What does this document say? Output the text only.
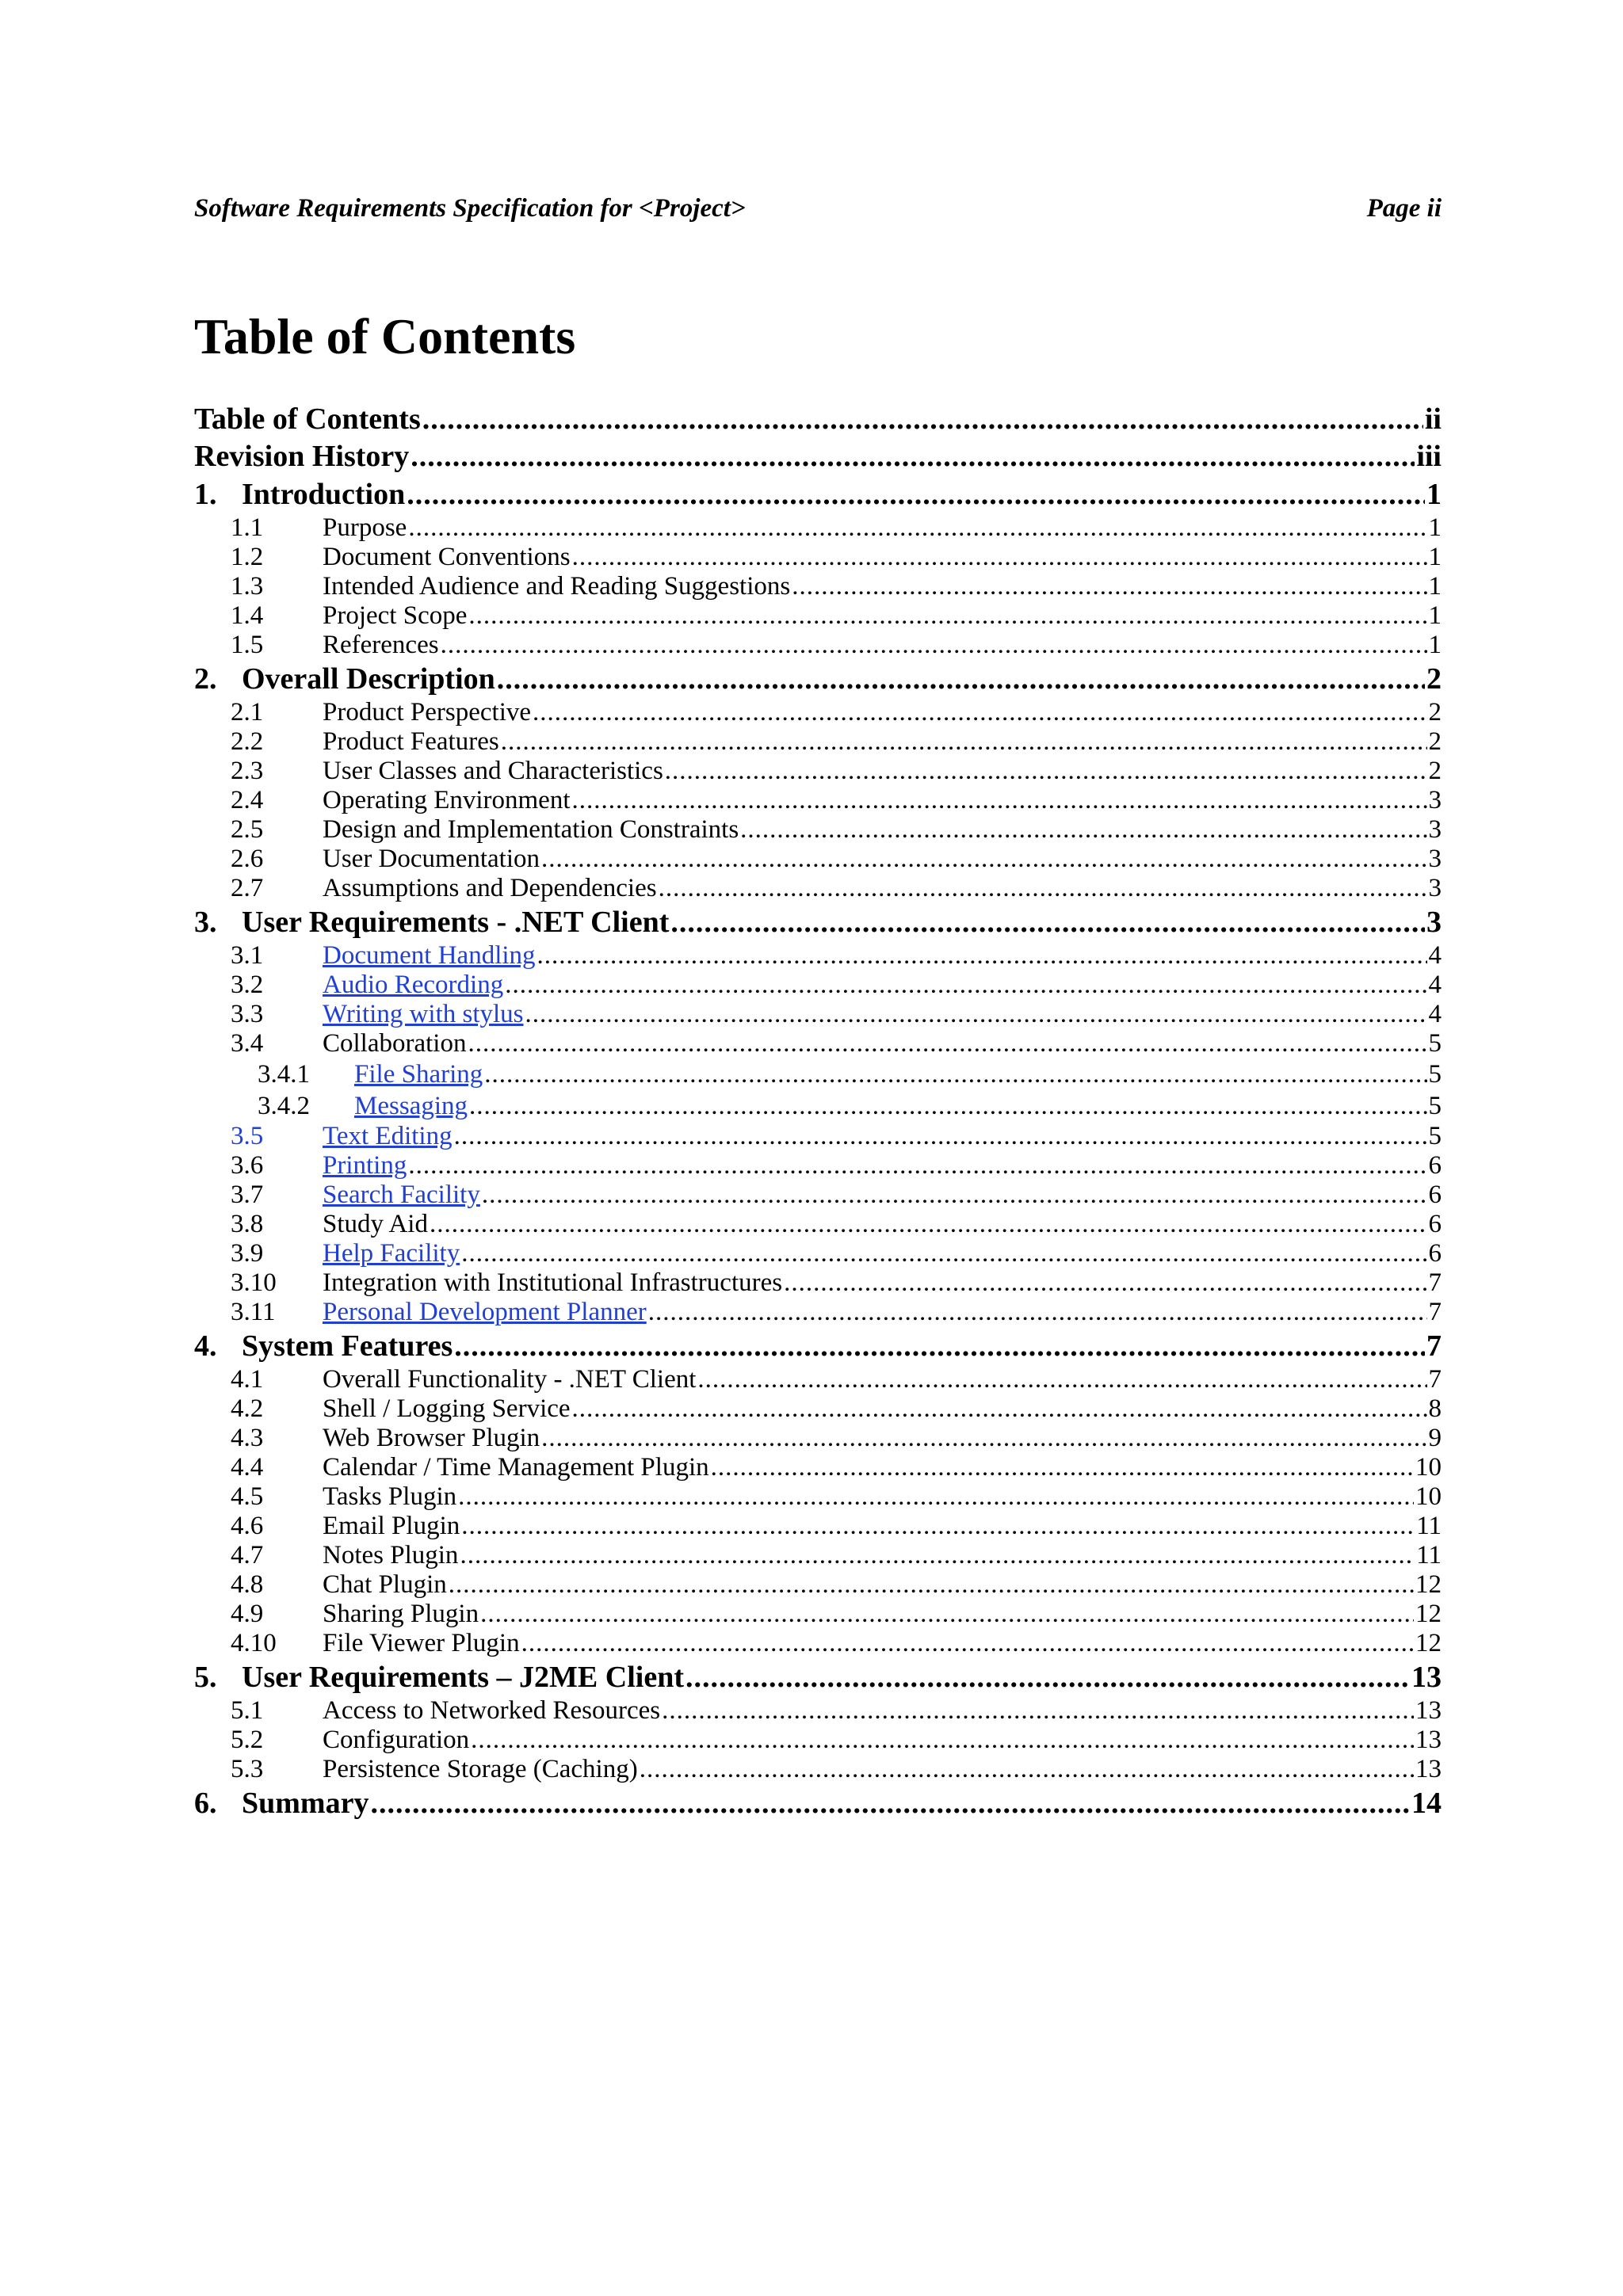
Software Requirements Specification for <Project>	Page ii
Table of Contents
Table of Contents .....	ii
Revision History .....	iii
1. Introduction .....	1
1.1	Purpose .....	1
1.2	Document Conventions .....	1
1.3	Intended Audience and Reading Suggestions .....	1
1.4	Project Scope .....	1
1.5	References .....	1
2. Overall Description .....	2
2.1	Product Perspective .....	2
2.2	Product Features .....	2
2.3	User Classes and Characteristics .....	2
2.4	Operating Environment .....	3
2.5	Design and Implementation Constraints .....	3
2.6	User Documentation .....	3
2.7	Assumptions and Dependencies .....	3
3. User Requirements - .NET Client .....	3
3.1	Document Handling .....	4
3.2	Audio Recording .....	4
3.3	Writing with stylus .....	4
3.4	Collaboration .....	5
3.4.1	File Sharing .....	5
3.4.2	Messaging .....	5
3.5	Text Editing .....	5
3.6	Printing .....	6
3.7	Search Facility .....	6
3.8	Study Aid .....	6
3.9	Help Facility .....	6
3.10	Integration with Institutional Infrastructures .....	7
3.11	Personal Development Planner .....	7
4. System Features .....	7
4.1	Overall Functionality - .NET Client .....	7
4.2	Shell / Logging Service .....	8
4.3	Web Browser Plugin .....	9
4.4	Calendar / Time Management Plugin .....	10
4.5	Tasks Plugin .....	10
4.6	Email Plugin .....	11
4.7	Notes Plugin .....	11
4.8	Chat Plugin .....	12
4.9	Sharing Plugin .....	12
4.10	File Viewer Plugin .....	12
5. User Requirements – J2ME Client .....	13
5.1	Access to Networked Resources .....	13
5.2	Configuration .....	13
5.3	Persistence Storage (Caching) .....	13
6. Summary .....	14
